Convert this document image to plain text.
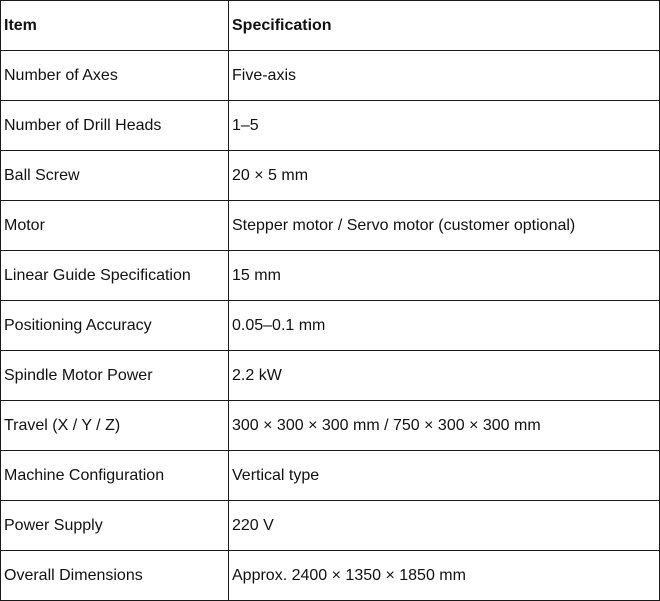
Item	Specification
Number of Axes	Five-axis
Number of Drill Heads	1–5
Ball Screw	20 × 5 mm
Motor	Stepper motor / Servo motor (customer optional)
Linear Guide Specification	15 mm
Positioning Accuracy	0.05–0.1 mm
Spindle Motor Power	2.2 kW
Travel (X / Y / Z)	300 × 300 × 300 mm / 750 × 300 × 300 mm
Machine Configuration	Vertical type
Power Supply	220 V
Overall Dimensions	Approx. 2400 × 1350 × 1850 mm
